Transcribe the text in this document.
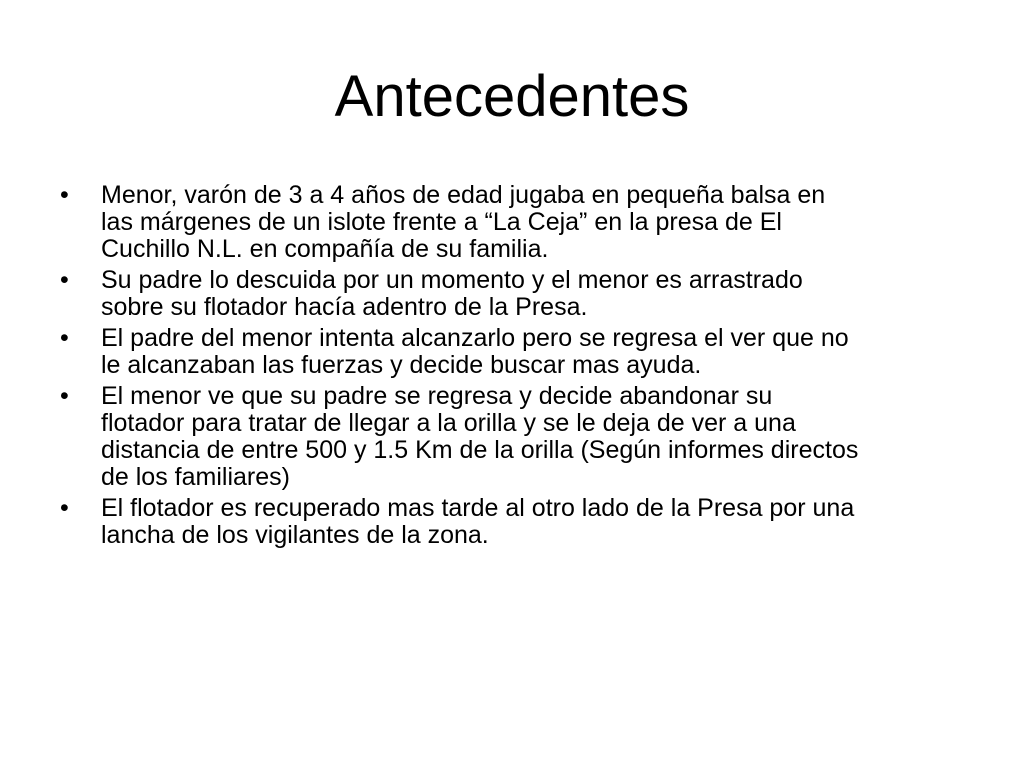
Antecedentes
• Menor, varón de 3 a 4 años de edad jugaba en pequeña balsa en
las márgenes de un islote frente a “La Ceja” en la presa de El
Cuchillo N.L. en compañía de su familia.
• Su padre lo descuida por un momento y el menor es arrastrado
sobre su flotador hacía adentro de la Presa.
• El padre del menor intenta alcanzarlo pero se regresa el ver que no
le alcanzaban las fuerzas y decide buscar mas ayuda.
• El menor ve que su padre se regresa y decide abandonar su
flotador para tratar de llegar a la orilla y se le deja de ver a una
distancia de entre 500 y 1.5 Km de la orilla (Según informes directos
de los familiares)
• El flotador es recuperado mas tarde al otro lado de la Presa por una
lancha de los vigilantes de la zona.
